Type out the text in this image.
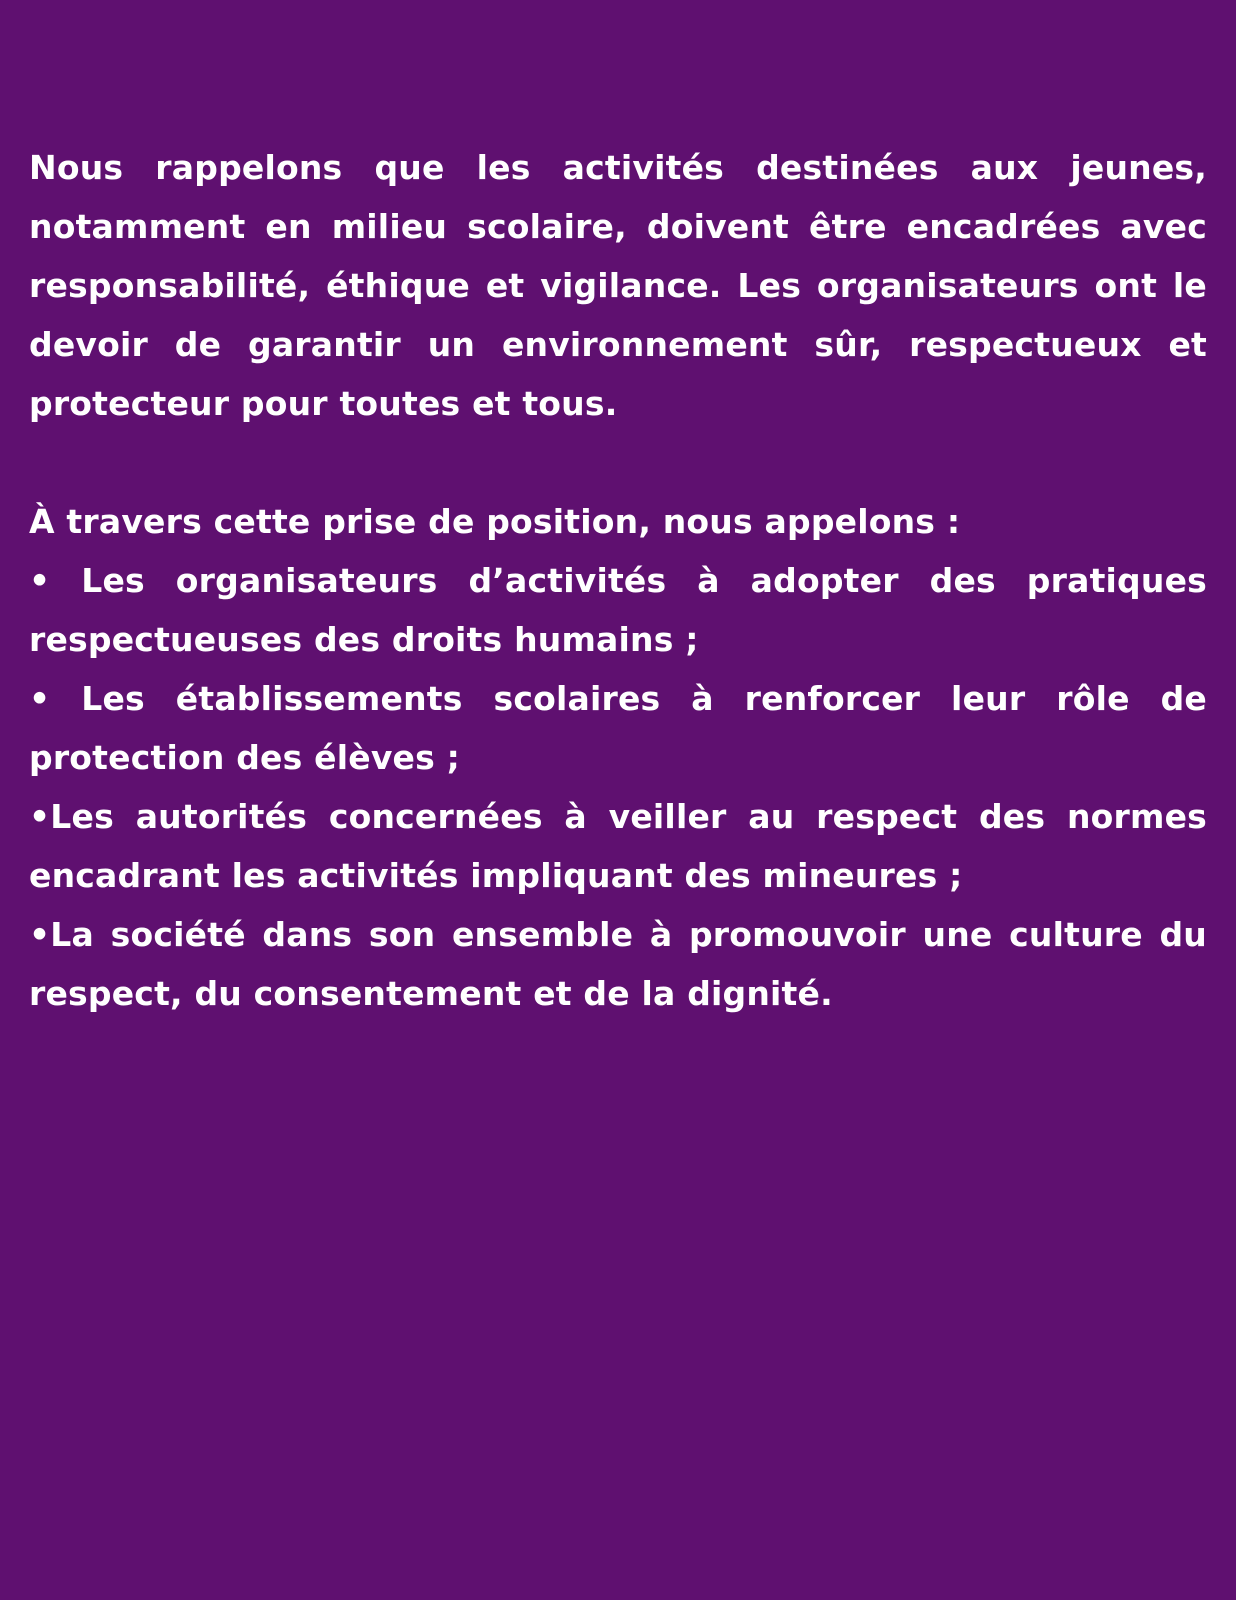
Nous rappelons que les activités destinées aux jeunes, notamment en milieu scolaire, doivent être encadrées avec responsabilité, éthique et vigilance. Les organisateurs ont le devoir de garantir un environnement sûr, respectueux et protecteur pour toutes et tous.

À travers cette prise de position, nous appelons :

• Les organisateurs d’activités à adopter des pratiques respectueuses des droits humains ;
• Les établissements scolaires à renforcer leur rôle de protection des élèves ;
•Les autorités concernées à veiller au respect des normes encadrant les activités impliquant des mineures ;
•La société dans son ensemble à promouvoir une culture du respect, du consentement et de la dignité.
